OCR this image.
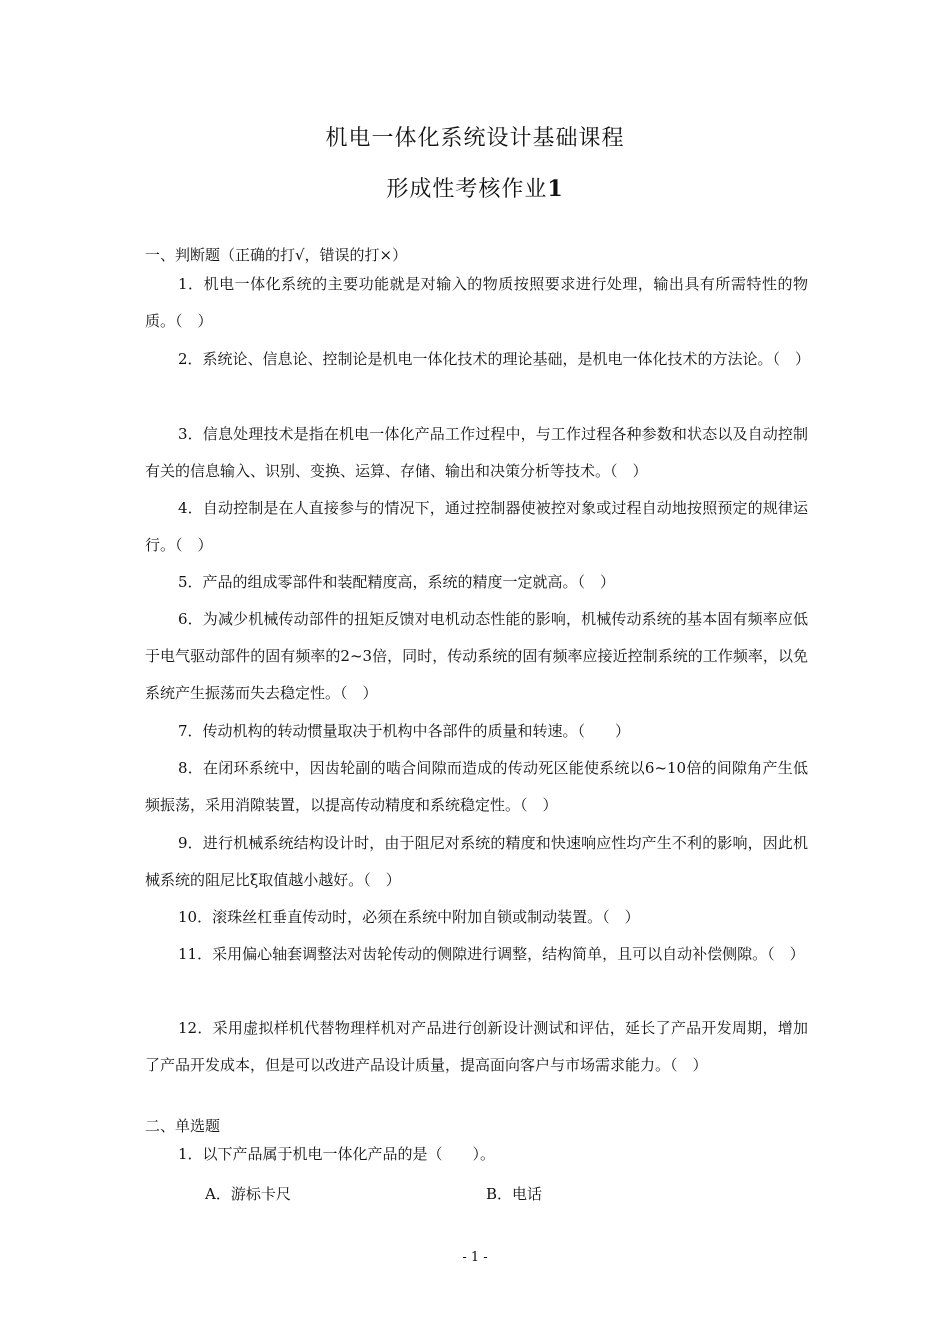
机电一体化系统设计基础课程
形成性考核作业1

一、判断题（正确的打√，错误的打×）

1．机电一体化系统的主要功能就是对输入的物质按照要求进行处理，输出具有所需特性的物质。（　）

2．系统论、信息论、控制论是机电一体化技术的理论基础，是机电一体化技术的方法论。（　）

3．信息处理技术是指在机电一体化产品工作过程中，与工作过程各种参数和状态以及自动控制有关的信息输入、识别、变换、运算、存储、输出和决策分析等技术。（　）

4．自动控制是在人直接参与的情况下，通过控制器使被控对象或过程自动地按照预定的规律运行。（　）

5．产品的组成零部件和装配精度高，系统的精度一定就高。（　）

6．为减少机械传动部件的扭矩反馈对电机动态性能的影响，机械传动系统的基本固有频率应低于电气驱动部件的固有频率的2~3倍，同时，传动系统的固有频率应接近控制系统的工作频率，以免系统产生振荡而失去稳定性。（　）

7．传动机构的转动惯量取决于机构中各部件的质量和转速。（　　）

8．在闭环系统中，因齿轮副的啮合间隙而造成的传动死区能使系统以6~10倍的间隙角产生低频振荡，采用消隙装置，以提高传动精度和系统稳定性。（　）

9．进行机械系统结构设计时，由于阻尼对系统的精度和快速响应性均产生不利的影响，因此机械系统的阻尼比ξ取值越小越好。（　）

10．滚珠丝杠垂直传动时，必须在系统中附加自锁或制动装置。（　）

11．采用偏心轴套调整法对齿轮传动的侧隙进行调整，结构简单，且可以自动补偿侧隙。（　）

12．采用虚拟样机代替物理样机对产品进行创新设计测试和评估，延长了产品开发周期，增加了产品开发成本，但是可以改进产品设计质量，提高面向客户与市场需求能力。（　）

二、单选题

1．以下产品属于机电一体化产品的是（　　）。

A．游标卡尺	B．电话

- 1 -
